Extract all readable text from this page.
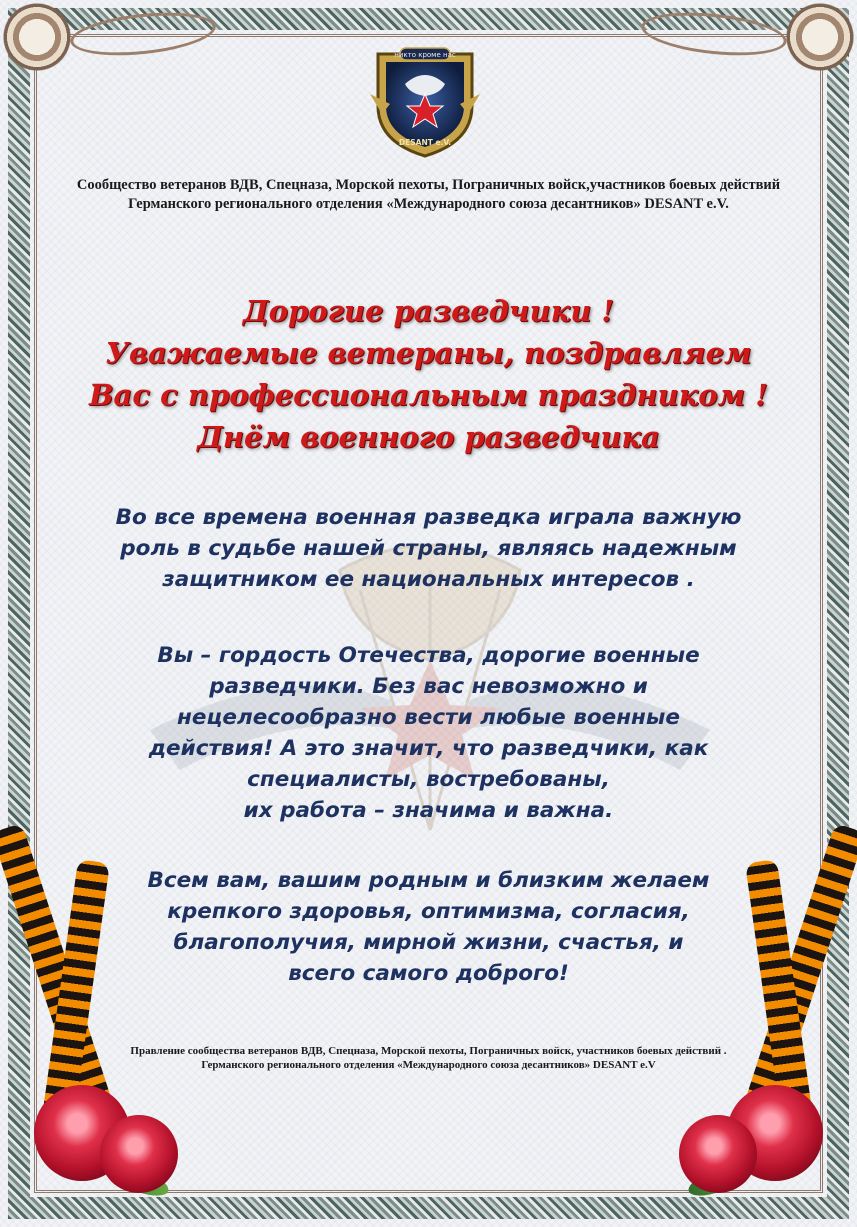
никто кроме нас
DESANT e.V.
Сообщество ветеранов ВДВ, Спецназа, Морской пехоты, Пограничных войск,участников боевых действий
Германского регионального отделения «Международного союза десантников» DESANT e.V.
Дорогие разведчики !
Уважаемые ветераны, поздравляем
Вас с профессиональным праздником !
Днём военного разведчика
Во все времена военная разведка играла важную
роль в судьбе нашей страны, являясь надежным
защитником ее национальных интересов .
Вы – гордость Отечества, дорогие военные
разведчики. Без вас невозможно и
нецелесообразно вести любые военные
действия! А это значит, что разведчики, как
специалисты, востребованы,
их работа – значима и важна.
Всем вам, вашим родным и близким желаем
крепкого здоровья, оптимизма, согласия,
благополучия, мирной жизни, счастья, и
всего самого доброго!
Правление сообщества ветеранов ВДВ, Спецназа, Морской пехоты, Пограничных войск, участников боевых действий .
Германского регионального отделения «Международного союза десантников» DESANT e.V
